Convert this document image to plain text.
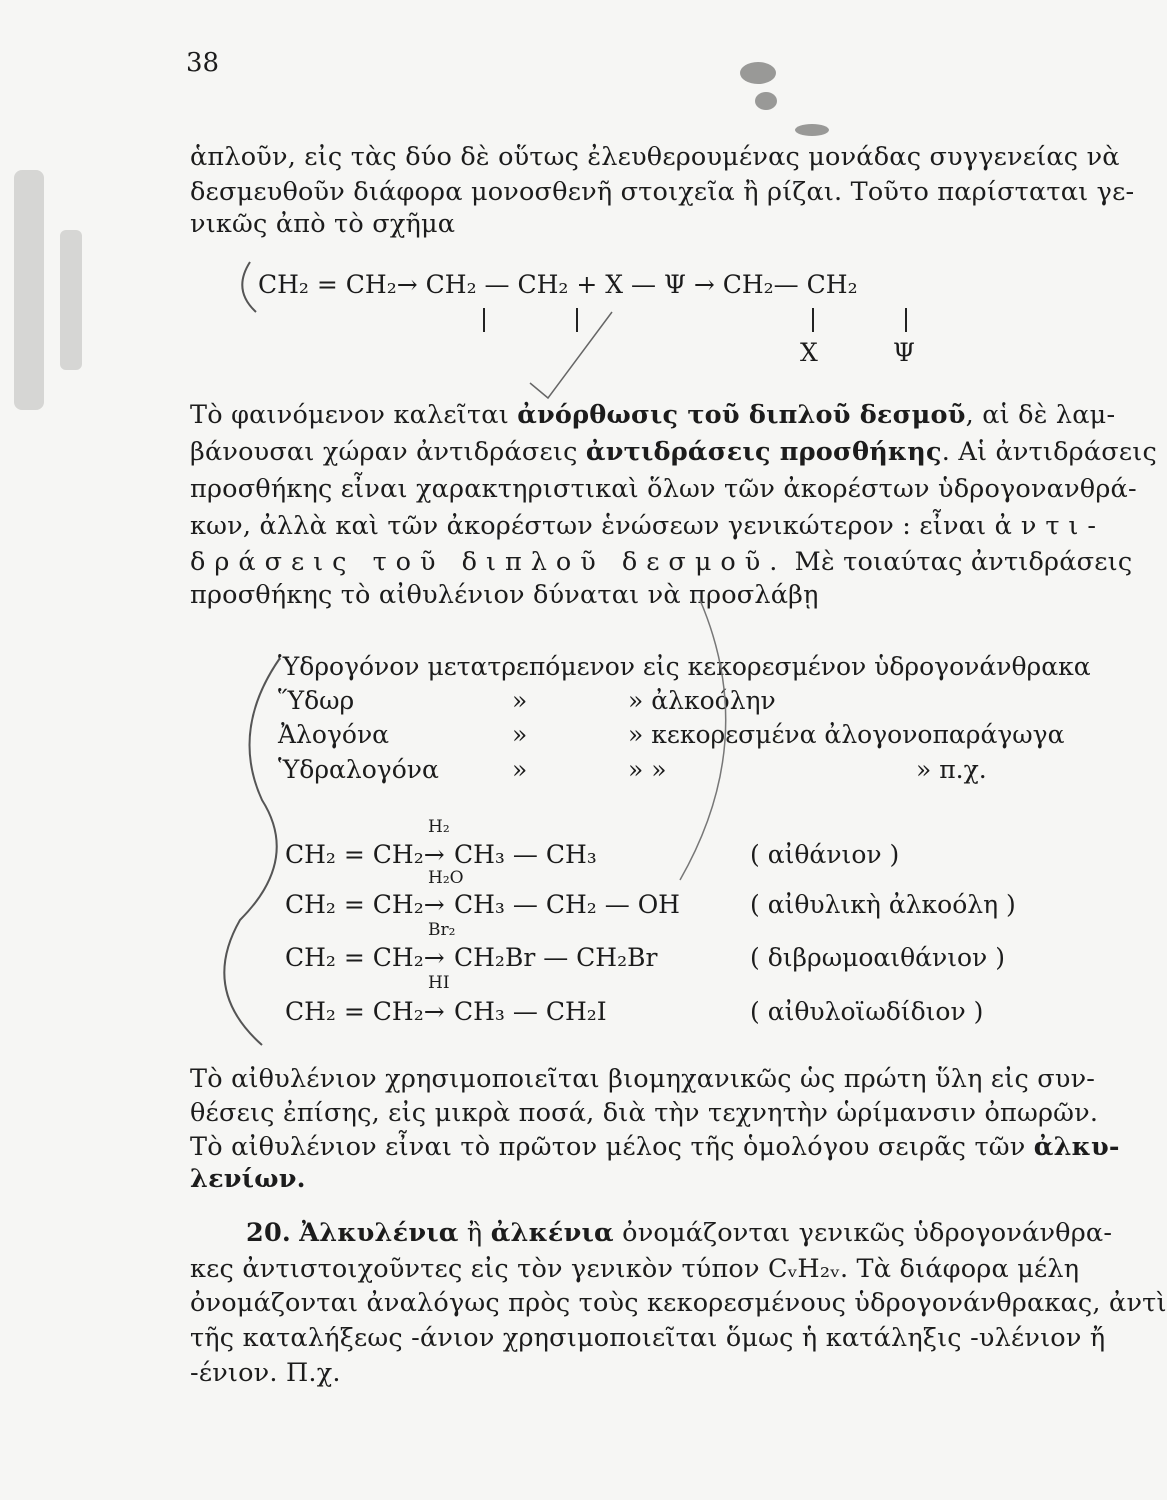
38
ἁπλοῦν, εἰς τὰς δύο δὲ οὕτως ἐλευθερουμένας μονάδας συγγενείας νὰ
δεσμευθοῦν διάφορα μονοσθενῆ στοιχεῖα ἢ ρίζαι. Τοῦτο παρίσταται γε-
νικῶς ἀπὸ τὸ σχῆμα
CH₂ = CH₂→ CH₂ — CH₂ + X — Ψ → CH₂— CH₂
X	Ψ
Τὸ φαινόμενον καλεῖται ἀνόρθωσις τοῦ διπλοῦ δεσμοῦ, αἱ δὲ λαμ-
βάνουσαι χώραν ἀντιδράσεις ἀντιδράσεις προσθήκης. Αἱ ἀντιδράσεις
προσθήκης εἶναι χαρακτηριστικαὶ ὅλων τῶν ἀκορέστων ὑδρογονανθρά-
κων, ἀλλὰ καὶ τῶν ἀκορέστων ἑνώσεων γενικώτερον : εἶναι ἀντι-
δράσεις τοῦ διπλοῦ δεσμοῦ. Μὲ τοιαύτας ἀντιδράσεις
προσθήκης τὸ αἰθυλένιον δύναται νὰ προσλάβῃ
Ὑδρογόνον μετατρεπόμενον εἰς κεκορεσμένον ὑδρογονάνθρακα
Ὕδωρ	»	» ἀλκοόλην
Ἀλογόνα	»	» κεκορεσμένα ἀλογονοπαράγωγα
Ὑδραλογόνα	»	» »	» π.χ.
H₂
CH₂ = CH₂→ CH₃ — CH₃	( αἰθάνιον )
H₂O
CH₂ = CH₂→ CH₃ — CH₂ — OH	( αἰθυλικὴ ἀλκοόλη )
Br₂
CH₂ = CH₂→ CH₂Br — CH₂Br	( διβρωμοαιθάνιον )
HI
CH₂ = CH₂→ CH₃ — CH₂I	( αἰθυλοϊωδίδιον )
Τὸ αἰθυλένιον χρησιμοποιεῖται βιομηχανικῶς ὡς πρώτη ὕλη εἰς συν-
θέσεις ἐπίσης, εἰς μικρὰ ποσά, διὰ τὴν τεχνητὴν ὡρίμανσιν ὀπωρῶν.
Τὸ αἰθυλένιον εἶναι τὸ πρῶτον μέλος τῆς ὁμολόγου σειρᾶς τῶν ἀλκυ-
λενίων.
20. Ἀλκυλένια ἢ ἀλκένια ὀνομάζονται γενικῶς ὑδρογονάνθρα-
κες ἀντιστοιχοῦντες εἰς τὸν γενικὸν τύπον CᵥH₂ᵥ. Τὰ διάφορα μέλη
ὀνομάζονται ἀναλόγως πρὸς τοὺς κεκορεσμένους ὑδρογονάνθρακας, ἀντὶ
τῆς καταλήξεως -άνιον χρησιμοποιεῖται ὅμως ἡ κατάληξις -υλένιον ἤ
-ένιον. Π.χ.
